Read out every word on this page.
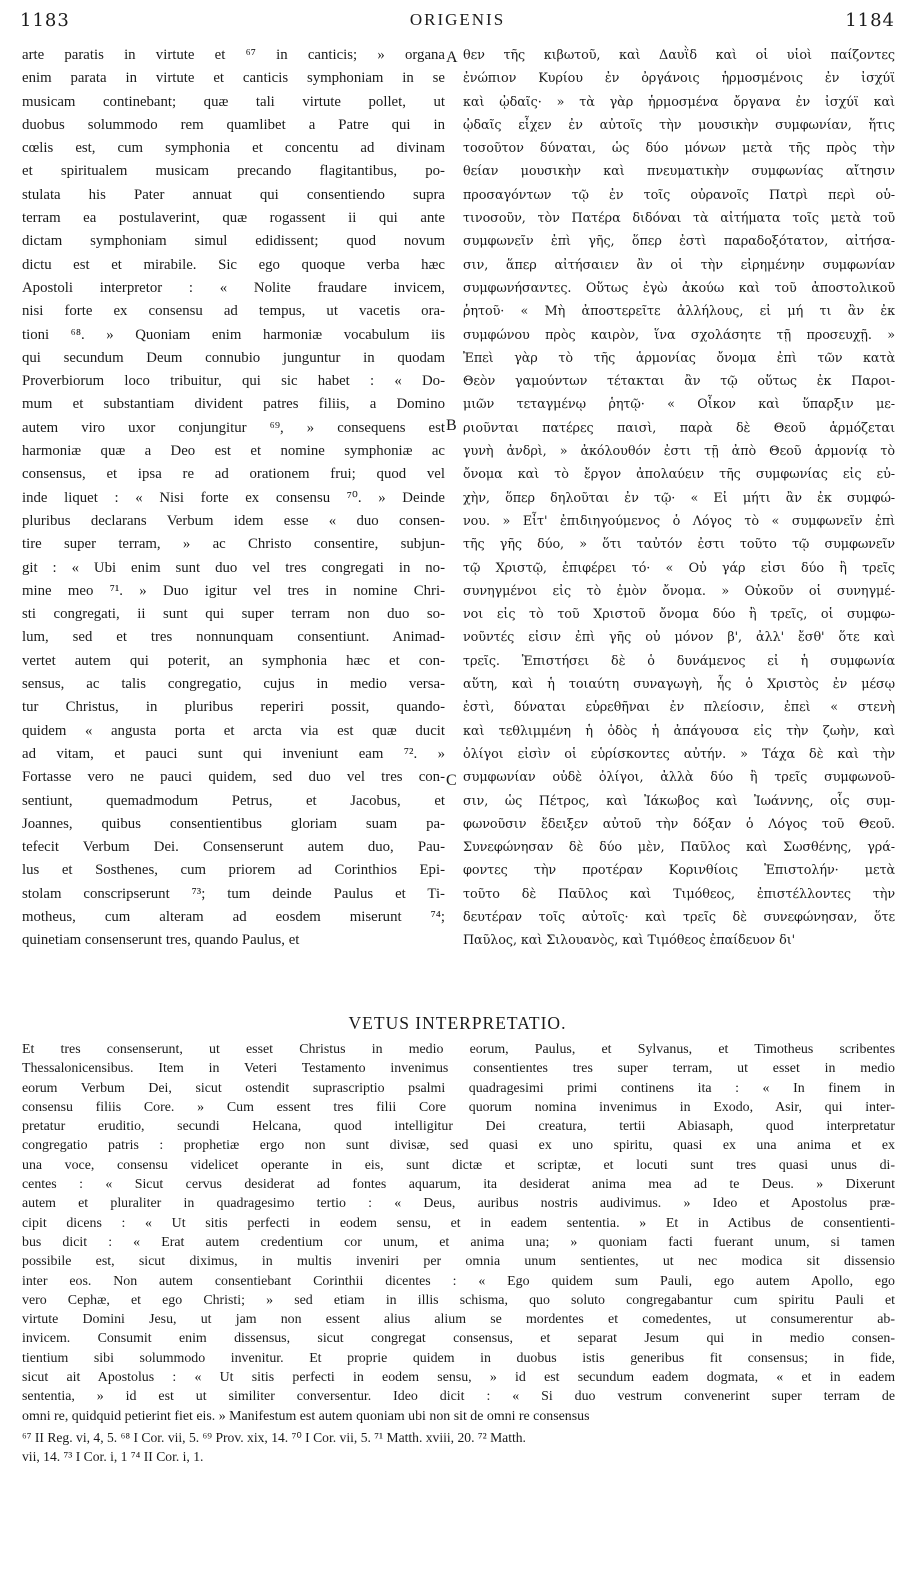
1183	ORIGENIS	1184
arte paratis in virtute et ⁶⁷ in canticis; » organa
enim parata in virtute et canticis symphoniam in se
musicam continebant; quæ tali virtute pollet, ut
duobus solummodo rem quamlibet a Patre qui in
cœlis est, cum symphonia et concentu ad divinam
et spiritualem musicam precando flagitantibus, po-
stulata his Pater annuat qui consentiendo supra
terram ea postulaverint, quæ rogassent ii qui ante
dictam symphoniam simul edidissent; quod novum
dictu est et mirabile. Sic ego quoque verba hæc
Apostoli interpretor : « Nolite fraudare invicem,
nisi forte ex consensu ad tempus, ut vacetis ora-
tioni ⁶⁸. » Quoniam enim harmoniæ vocabulum iis
qui secundum Deum connubio junguntur in quodam
Proverbiorum loco tribuitur, qui sic habet : « Do-
mum et substantiam divident patres filiis, a Domino
autem viro uxor conjungitur ⁶⁹, » consequens est
harmoniæ quæ a Deo est et nomine symphoniæ ac
consensus, et ipsa re ad orationem frui; quod vel
inde liquet : « Nisi forte ex consensu ⁷⁰. » Deinde
pluribus declarans Verbum idem esse « duo consen-
tire super terram, » ac Christo consentire, subjun-
git : « Ubi enim sunt duo vel tres congregati in no-
mine meo ⁷¹. » Duo igitur vel tres in nomine Chri-
sti congregati, ii sunt qui super terram non duo so-
lum, sed et tres nonnunquam consentiunt. Animad-
vertet autem qui poterit, an symphonia hæc et con-
sensus, ac talis congregatio, cujus in medio versa-
tur Christus, in pluribus reperiri possit, quando-
quidem « angusta porta et arcta via est quæ ducit
ad vitam, et pauci sunt qui inveniunt eam ⁷². »
Fortasse vero ne pauci quidem, sed duo vel tres con-
sentiunt, quemadmodum Petrus, et Jacobus, et
Joannes, quibus consentientibus gloriam suam pa-
tefecit Verbum Dei. Consenserunt autem duo, Pau-
lus et Sosthenes, cum priorem ad Corinthios Epi-
stolam conscripserunt ⁷³; tum deinde Paulus et Ti-
motheus, cum alteram ad eosdem miserunt ⁷⁴;
quinetiam consenserunt tres, quando Paulus, et
θεν τῆς κιβωτοῦ, καὶ Δαυῒδ καὶ οἱ υἱοὶ παίζοντες
ἐνώπιον Κυρίου ἐν ὀργάνοις ἡρμοσμένοις ἐν ἰσχύϊ
καὶ ᾠδαῖς· » τὰ γὰρ ἡρμοσμένα ὄργανα ἐν ἰσχύϊ καὶ
ᾠδαῖς εἶχεν ἐν αὐτοῖς τὴν μουσικὴν συμφωνίαν, ἥτις
τοσοῦτον δύναται, ὡς δύο μόνων μετὰ τῆς πρὸς τὴν
θείαν μουσικὴν καὶ πνευματικὴν συμφωνίας αἴτησιν
προσαγόντων τῷ ἐν τοῖς οὐρανοῖς Πατρὶ περὶ οὑ-
τινοσοῦν, τὸν Πατέρα διδόναι τὰ αἰτήματα τοῖς μετὰ τοῦ
συμφωνεῖν ἐπὶ γῆς, ὅπερ ἐστὶ παραδοξότατον, αἰτήσα-
σιν, ἅπερ αἰτήσαιεν ἂν οἱ τὴν εἰρημένην συμφωνίαν
συμφωνήσαντες. Οὕτως ἐγὼ ἀκούω καὶ τοῦ ἀποστολικοῦ
ῥητοῦ· « Μὴ ἀποστερεῖτε ἀλλήλους, εἰ μή τι ἂν ἐκ
συμφώνου πρὸς καιρὸν, ἵνα σχολάσητε τῇ προσευχῇ. »
Ἐπεὶ γὰρ τὸ τῆς ἁρμονίας ὄνομα ἐπὶ τῶν κατὰ
Θεὸν γαμούντων τέτακται ἂν τῷ οὕτως ἐκ Παροι-
μιῶν τεταγμένῳ ῥητῷ· « Οἶκον καὶ ὕπαρξιν με-
ριοῦνται πατέρες παισὶ, παρὰ δὲ Θεοῦ ἁρμόζεται
γυνὴ ἀνδρὶ, » ἀκόλουθόν ἐστι τῇ ἀπὸ Θεοῦ ἁρμονίᾳ τὸ
ὄνομα καὶ τὸ ἔργον ἀπολαύειν τῆς συμφωνίας εἰς εὐ-
χὴν, ὅπερ δηλοῦται ἐν τῷ· « Εἰ μήτι ἂν ἐκ συμφώ-
νου. » Εἶτ' ἐπιδιηγούμενος ὁ Λόγος τὸ « συμφωνεῖν ἐπὶ
τῆς γῆς δύο, » ὅτι ταὐτόν ἐστι τοῦτο τῷ συμφωνεῖν
τῷ Χριστῷ, ἐπιφέρει τό· « Οὐ γάρ εἰσι δύο ἢ τρεῖς
συνηγμένοι εἰς τὸ ἐμὸν ὄνομα. » Οὐκοῦν οἱ συνηγμέ-
νοι εἰς τὸ τοῦ Χριστοῦ ὄνομα δύο ἢ τρεῖς, οἱ συμφω-
νοῦντές εἰσιν ἐπὶ γῆς οὐ μόνον β', ἀλλ' ἔσθ' ὅτε καὶ
τρεῖς. Ἐπιστήσει δὲ ὁ δυνάμενος εἰ ἡ συμφωνία
αὕτη, καὶ ἡ τοιαύτη συναγωγὴ, ἧς ὁ Χριστὸς ἐν μέσῳ
ἐστὶ, δύναται εὑρεθῆναι ἐν πλείοσιν, ἐπεὶ « στενὴ
καὶ τεθλιμμένη ἡ ὁδὸς ἡ ἀπάγουσα εἰς τὴν ζωὴν, καὶ
ὀλίγοι εἰσὶν οἱ εὑρίσκοντες αὐτήν. » Τάχα δὲ καὶ τὴν
συμφωνίαν οὐδὲ ὀλίγοι, ἀλλὰ δύο ἢ τρεῖς συμφωνοῦ-
σιν, ὡς Πέτρος, καὶ Ἰάκωβος καὶ Ἰωάννης, οἷς συμ-
φωνοῦσιν ἔδειξεν αὐτοῦ τὴν δόξαν ὁ Λόγος τοῦ Θεοῦ.
Συνεφώνησαν δὲ δύο μὲν, Παῦλος καὶ Σωσθένης, γρά-
φοντες τὴν προτέραν Κορινθίοις Ἐπιστολήν· μετὰ
τοῦτο δὲ Παῦλος καὶ Τιμόθεος, ἐπιστέλλοντες τὴν
δευτέραν τοῖς αὐτοῖς· καὶ τρεῖς δὲ συνεφώνησαν, ὅτε
Παῦλος, καὶ Σιλουανὸς, καὶ Τιμόθεος ἐπαίδευον δι'
A
B
C
VETUS INTERPRETATIO.
Et tres consenserunt, ut esset Christus in medio eorum, Paulus, et Sylvanus, et Timotheus scribentes
Thessalonicensibus. Item in Veteri Testamento invenimus consentientes tres super terram, ut esset in medio
eorum Verbum Dei, sicut ostendit suprascriptio psalmi quadragesimi primi continens ita : « In finem in
consensu filiis Core. » Cum essent tres filii Core quorum nomina invenimus in Exodo, Asir, qui inter-
pretatur eruditio, secundi Helcana, quod intelligitur Dei creatura, tertii Abiasaph, quod interpretatur
congregatio patris : prophetiæ ergo non sunt divisæ, sed quasi ex uno spiritu, quasi ex una anima et ex
una voce, consensu videlicet operante in eis, sunt dictæ et scriptæ, et locuti sunt tres quasi unus di-
centes : « Sicut cervus desiderat ad fontes aquarum, ita desiderat anima mea ad te Deus. » Dixerunt
autem et pluraliter in quadragesimo tertio : « Deus, auribus nostris audivimus. » Ideo et Apostolus præ-
cipit dicens : « Ut sitis perfecti in eodem sensu, et in eadem sententia. » Et in Actibus de consentienti-
bus dicit : « Erat autem credentium cor unum, et anima una; » quoniam facti fuerant unum, si tamen
possibile est, sicut diximus, in multis inveniri per omnia unum sentientes, ut nec modica sit dissensio
inter eos. Non autem consentiebant Corinthii dicentes : « Ego quidem sum Pauli, ego autem Apollo, ego
vero Cephæ, et ego Christi; » sed etiam in illis schisma, quo soluto congregabantur cum spiritu Pauli et
virtute Domini Jesu, ut jam non essent alius alium se mordentes et comedentes, ut consumerentur ab-
invicem. Consumit enim dissensus, sicut congregat consensus, et separat Jesum qui in medio consen-
tientium sibi solummodo invenitur. Et proprie quidem in duobus istis generibus fit consensus; in fide,
sicut ait Apostolus : « Ut sitis perfecti in eodem sensu, » id est secundum eadem dogmata, « et in eadem
sententia, » id est ut similiter conversentur. Ideo dicit : « Si duo vestrum convenerint super terram de
omni re, quidquid petierint fiet eis. » Manifestum est autem quoniam ubi non sit de omni re consensus
⁶⁷ II Reg. vi, 4, 5. ⁶⁸ I Cor. vii, 5. ⁶⁹ Prov. xix, 14. ⁷⁰ I Cor. vii, 5. ⁷¹ Matth. xviii, 20. ⁷² Matth.
vii, 14. ⁷³ I Cor. i, 1 ⁷⁴ II Cor. i, 1.
